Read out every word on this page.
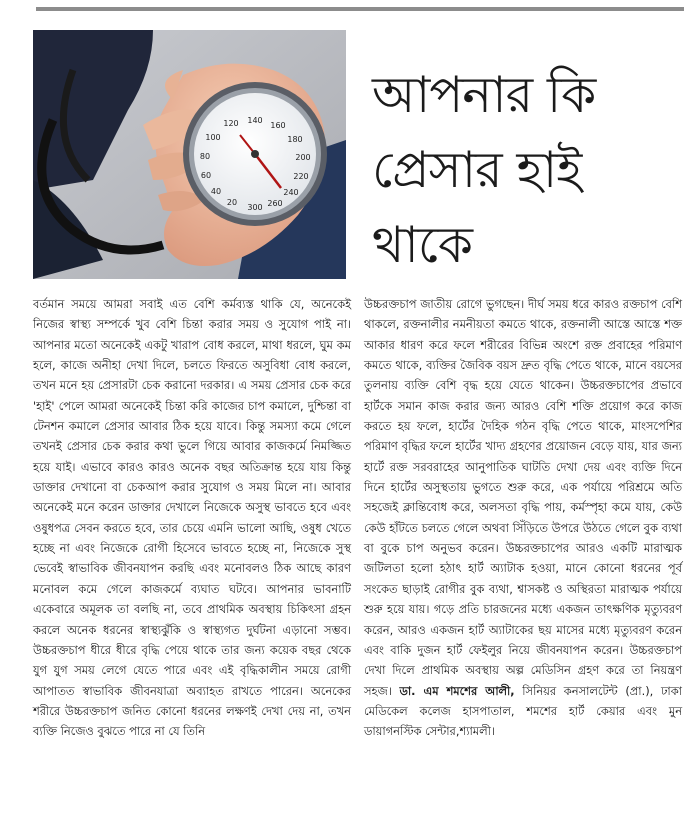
140
160
180
200
220
240
260
120
100
80
60
40
20
300
আপনার কি প্রেসার হাই থাকে

বর্তমান সময়ে আমরা সবাই এত বেশি কর্মব্যস্ত থাকি যে, অনেকেই নিজের স্বাস্থ্য সম্পর্কে খুব বেশি চিন্তা করার সময় ও সুযোগ পাই না। আপনার মতো অনেকেই একটু খারাপ বোধ করলে, মাথা ধরলে, ঘুম কম হলে, কাজে অনীহা দেখা দিলে, চলতে ফিরতে অসুবিধা বোধ করলে, তখন মনে হয় প্রেসারটা চেক করানো দরকার। এ সময় প্রেসার চেক করে 'হাই' পেলে আমরা অনেকেই চিন্তা করি কাজের চাপ কমালে, দুশ্চিন্তা বা টেনশন কমালে প্রেসার আবার ঠিক হয়ে যাবে। কিন্তু সমস্যা কমে গেলে তখনই প্রেসার চেক করার কথা ভুলে গিয়ে আবার কাজকর্মে নিমজ্জিত হয়ে যাই। এভাবে কারও কারও অনেক বছর অতিক্রান্ত হয়ে যায় কিন্তু ডাক্তার দেখানো বা চেকআপ করার সুযোগ ও সময় মিলে না। আবার অনেকেই মনে করেন ডাক্তার দেখালে নিজেকে অসুস্থ ভাবতে হবে এবং ওষুধপত্র সেবন করতে হবে, তার চেয়ে এমনি ভালো আছি, ওষুধ খেতে হচ্ছে না এবং নিজেকে রোগী হিসেবে ভাবতে হচ্ছে না, নিজেকে সুস্থ ভেবেই স্বাভাবিক জীবনযাপন করছি এবং মনোবলও ঠিক আছে কারণ মনোবল কমে গেলে কাজকর্মে ব্যঘাত ঘটবে। আপনার ভাবনাটি একেবারে অমূলক তা বলছি না, তবে প্রাথমিক অবস্থায় চিকিৎসা গ্রহন করলে অনেক ধরনের স্বাস্থ্যঝুঁকি ও স্বাস্থ্যগত দুর্ঘটনা এড়ানো সম্ভব। উচ্চরক্তচাপ ধীরে ধীরে বৃদ্ধি পেয়ে থাকে তার জন্য কয়েক বছর থেকে যুগ যুগ সময় লেগে যেতে পারে এবং এই বৃদ্ধিকালীন সময়ে রোগী আপাতত স্বাভাবিক জীবনযাত্রা অব্যাহত রাখতে পারেন। অনেকের শরীরে উচ্চরক্তচাপ জনিত কোনো ধরনের লক্ষণই দেখা দেয় না, তখন ব্যক্তি নিজেও বুঝতে পারে না যে তিনি

উচ্চরক্তচাপ জাতীয় রোগে ভুগছেন। দীর্ঘ সময় ধরে কারও রক্তচাপ বেশি থাকলে, রক্তনালীর নমনীয়তা কমতে থাকে, রক্তনালী আস্তে আস্তে শক্ত আকার ধারণ করে ফলে শরীরের বিভিন্ন অংশে রক্ত প্রবাহের পরিমাণ কমতে থাকে, ব্যক্তির জৈবিক বয়স দ্রুত বৃদ্ধি পেতে থাকে, মানে বয়সের তুলনায় ব্যক্তি বেশি বৃদ্ধ হয়ে যেতে থাকেন। উচ্চরক্তচাপের প্রভাবে হার্টকে সমান কাজ করার জন্য আরও বেশি শক্তি প্রয়োগ করে কাজ করতে হয় ফলে, হার্টের দৈহিক গঠন বৃদ্ধি পেতে থাকে, মাংসপেশির পরিমাণ বৃদ্ধির ফলে হার্টের খাদ্য গ্রহণের প্রয়োজন বেড়ে যায়, যার জন্য হার্টে রক্ত সরবরাহের আনুপাতিক ঘাটতি দেখা দেয় এবং ব্যক্তি দিনে দিনে হার্টের অসুস্থতায় ভুগতে শুরু করে, এক পর্যায়ে পরিশ্রমে অতি সহজেই ক্লান্তিবোধ করে, অলসতা বৃদ্ধি পায়, কর্মস্পৃহা কমে যায়, কেউ কেউ হাঁটতে চলতে গেলে অথবা সিঁড়িতে উপরে উঠতে গেলে বুক ব্যথা বা বুকে চাপ অনুভব করেন। উচ্চরক্তচাপের আরও একটি মারাত্মক জটিলতা হলো হঠাৎ হার্ট অ্যাটাক হওয়া, মানে কোনো ধরনের পূর্ব সংকেত ছাড়াই রোগীর বুক ব্যথা, শ্বাসকষ্ট ও অস্থিরতা মারাত্মক পর্যায়ে শুরু হয়ে যায়। গড়ে প্রতি চারজনের মধ্যে একজন তাৎক্ষণিক মৃত্যুবরণ করেন, আরও একজন হার্ট অ্যাটাকের ছয় মাসের মধ্যে মৃত্যুবরণ করেন এবং বাকি দুজন হার্ট ফেইলুর নিয়ে জীবনযাপন করেন। উচ্চরক্তচাপ দেখা দিলে প্রাথমিক অবস্থায় অল্প মেডিসিন গ্রহণ করে তা নিয়ন্ত্রণ সহজ। ডা. এম শমশের আলী, সিনিয়র কনসালটেন্ট (প্রা.), ঢাকা মেডিকেল কলেজ হাসপাতাল, শমশের হার্ট কেয়ার এবং মুন ডায়াগনস্টিক সেন্টার,শ্যামলী।
